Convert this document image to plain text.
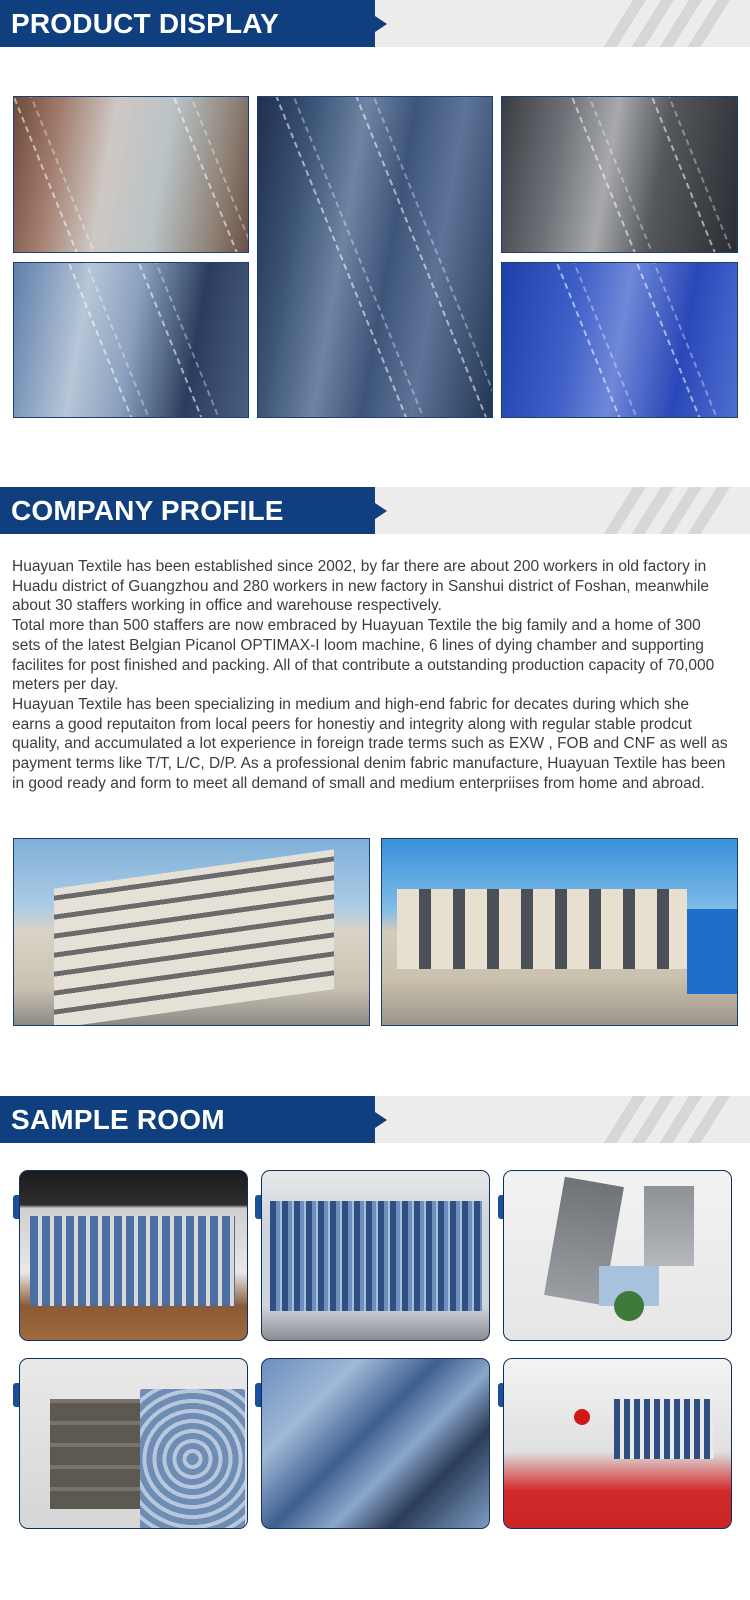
PRODUCT DISPLAY
COMPANY PROFILE

Huayuan Textile has been established since 2002, by far there are about 200 workers in old factory in Huadu district of Guangzhou and 280 workers in new factory in Sanshui district of Foshan, meanwhile about 30 staffers working in office and warehouse respectively.

Total more than 500 staffers are now embraced by Huayuan Textile the big family and a home of 300 sets of the latest Belgian Picanol OPTIMAX-I loom machine, 6 lines of dying chamber and supporting facilites for post finished and packing. All of that contribute a outstanding production capacity of 70,000 meters per day.

Huayuan Textile has been specializing in medium and high-end fabric for decates during which she earns a good reputaiton from local peers for honestiy and integrity along with regular stable prodcut quality, and accumulated a lot experience in foreign trade terms such as EXW , FOB and CNF as well as payment terms like T/T, L/C, D/P. As a professional denim fabric manufacture, Huayuan Textile has been in good ready and form to meet all demand of small and medium enterpriises from home and abroad.

SAMPLE ROOM
